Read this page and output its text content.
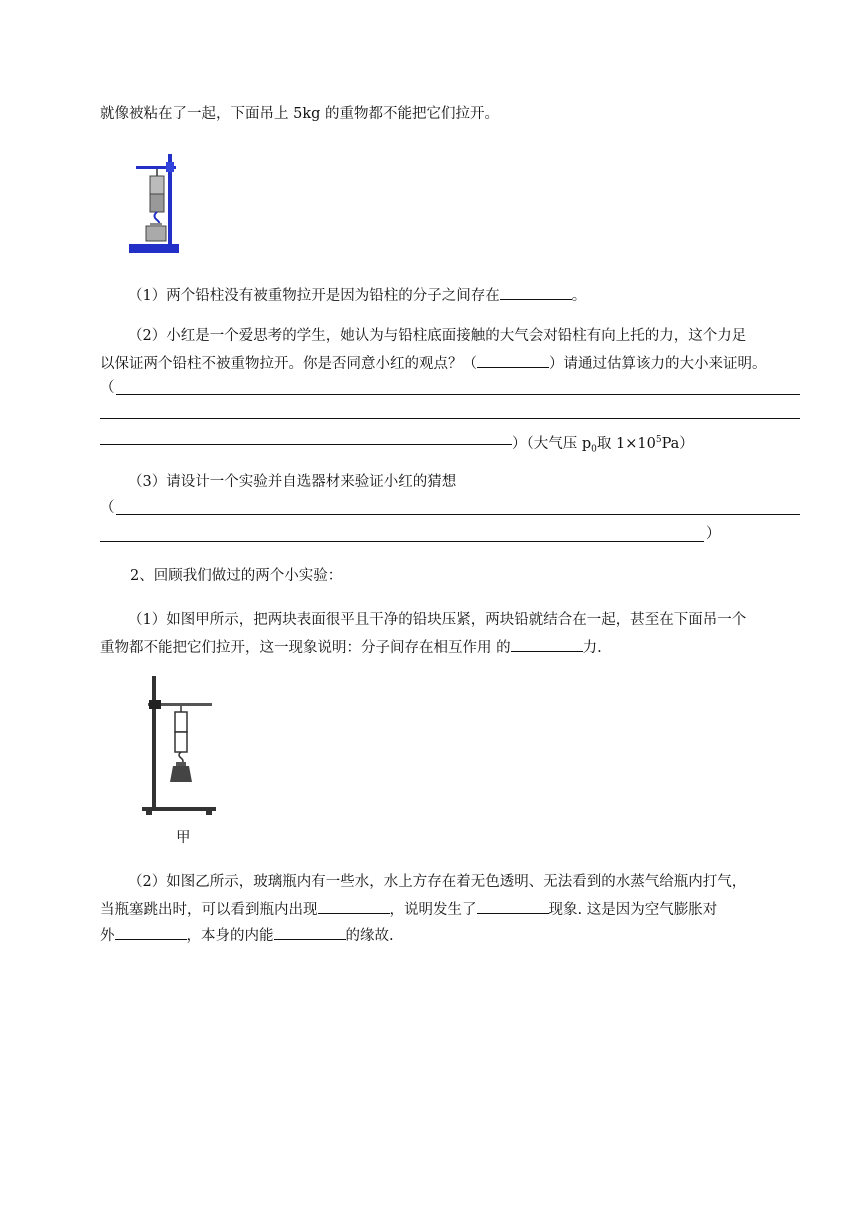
就像被粘在了一起，下面吊上 5kg 的重物都不能把它们拉开。
（1）两个铅柱没有被重物拉开是因为铅柱的分子之间存在	。
（2）小红是一个爱思考的学生，她认为与铅柱底面接触的大气会对铅柱有向上托的力，这个力足
以保证两个铅柱不被重物拉开。你是否同意小红的观点？（	）请通过估算该力的大小来证明。
（
）（大气压 $p_0$取 $1\times 10^5Pa$）
（3）请设计一个实验并自选器材来验证小红的猜想
（
）
2、回顾我们做过的两个小实验：
（1）如图甲所示，把两块表面很平且干净的铅块压紧，两块铅就结合在一起，甚至在下面吊一个
重物都不能把它们拉开，这一现象说明：分子间存在相互作用 的	力.
甲
（2）如图乙所示，玻璃瓶内有一些水，水上方存在着无色透明、无法看到的水蒸气给瓶内打气，
当瓶塞跳出时，可以看到瓶内出现	，说明发生了	现象. 这是因为空气膨胀对
外	，本身的内能	的缘故.
